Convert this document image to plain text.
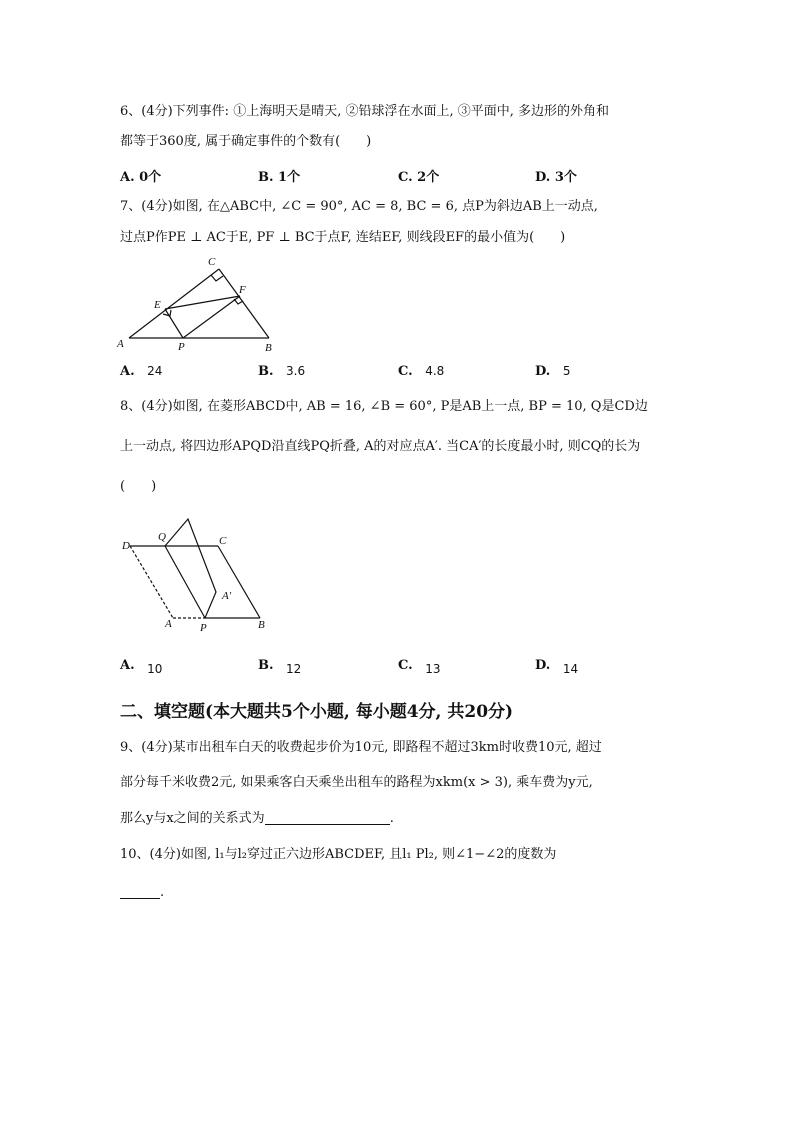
6、(4分)下列事件: ①上海明天是晴天, ②铅球浮在水面上, ③平面中, 多边形的外角和
都等于360度, 属于确定事件的个数有(　　)
A. 0个	B. 1个	C. 2个	D. 3个
7、(4分)如图, 在△ABC中, ∠C = 90°, AC = 8, BC = 6, 点P为斜边AB上一动点,
过点P作PE ⊥ AC于E, PF ⊥ BC于点F, 连结EF, 则线段EF的最小值为(　　)
A	B
C
E
F
P
A. 24	B. 3.6	C. 4.8	D. 5
8、(4分)如图, 在菱形ABCD中, AB = 16, ∠B = 60°, P是AB上一点, BP = 10, Q是CD边
上一动点, 将四边形APQD沿直线PQ折叠, A的对应点A′. 当CA′的长度最小时, 则CQ的长为
(　　)
D
Q	C
A′
A	P	B
A. 10	B. 12	C. 13	D. 14
二、填空题(本大题共5个小题, 每小题4分, 共20分)
9、(4分)某市出租车白天的收费起步价为10元, 即路程不超过3km时收费10元, 超过
部分每千米收费2元, 如果乘客白天乘坐出租车的路程为xkm(x > 3), 乘车费为y元,
那么y与x之间的关系式为	.
10、(4分)如图, l₁与l₂穿过正六边形ABCDEF, 且l₁ Pl₂, 则∠1−∠2的度数为
.
